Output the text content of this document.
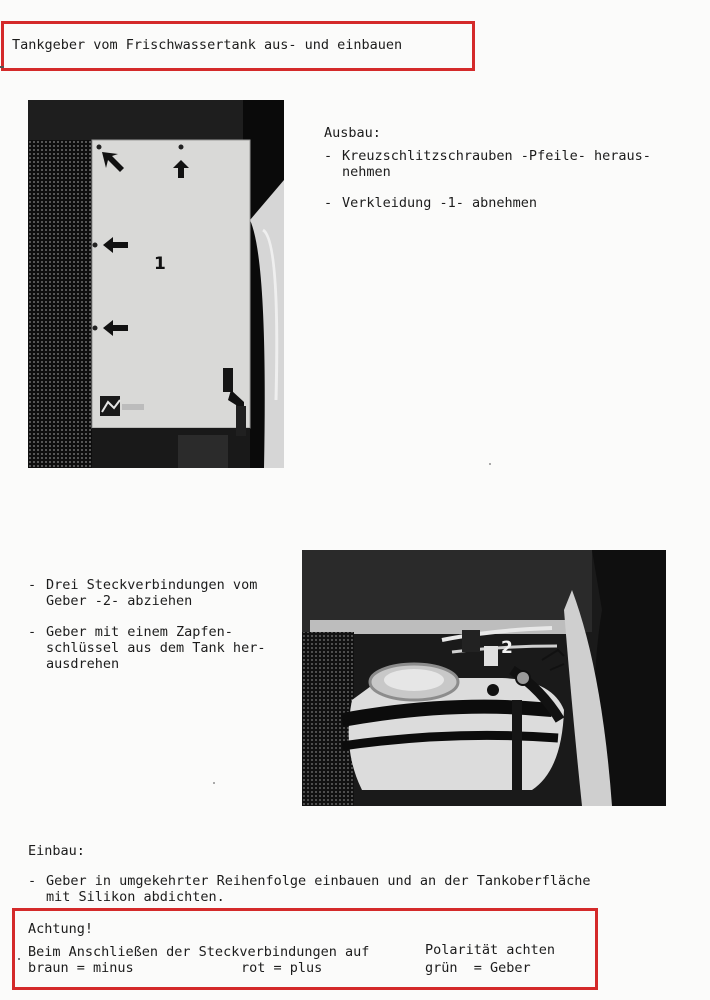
Tankgeber vom Frischwassertank aus- und einbauen
1
Ausbau:
- Kreuzschlitzschrauben -Pfeile- heraus-
nehmen
- Verkleidung -1- abnehmen
- Drei Steckverbindungen vom
Geber -2- abziehen
- Geber mit einem Zapfen-
schlüssel aus dem Tank her-
ausdrehen
2
Einbau:
- Geber in umgekehrter Reihenfolge einbauen und an der Tankoberfläche
mit Silikon abdichten.
Achtung!
Beim Anschließen der Steckverbindungen auf	Polarität achten
braun = minus	rot = plus	grün  = Geber
